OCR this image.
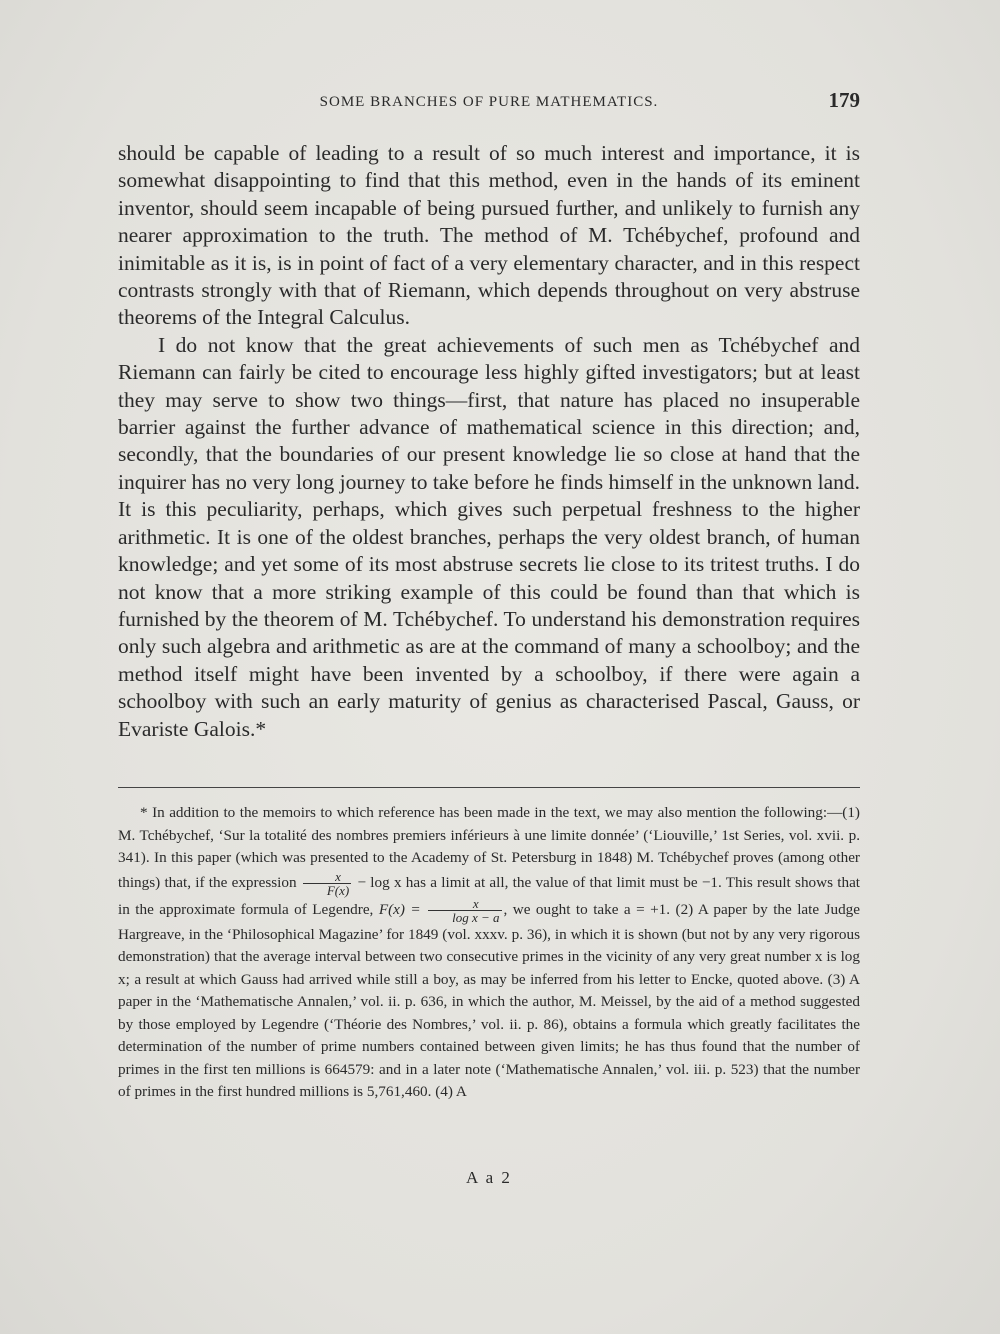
SOME BRANCHES OF PURE MATHEMATICS.	179

should be capable of leading to a result of so much interest and importance, it is somewhat disappointing to find that this method, even in the hands of its eminent inventor, should seem incapable of being pursued further, and unlikely to furnish any nearer approximation to the truth. The method of M. Tchébychef, profound and inimitable as it is, is in point of fact of a very elementary character, and in this respect contrasts strongly with that of Riemann, which depends throughout on very abstruse theorems of the Integral Calculus.

I do not know that the great achievements of such men as Tchébychef and Riemann can fairly be cited to encourage less highly gifted investigators; but at least they may serve to show two things—first, that nature has placed no insuperable barrier against the further advance of mathematical science in this direction; and, secondly, that the boundaries of our present knowledge lie so close at hand that the inquirer has no very long journey to take before he finds himself in the unknown land. It is this peculiarity, perhaps, which gives such perpetual freshness to the higher arithmetic. It is one of the oldest branches, perhaps the very oldest branch, of human knowledge; and yet some of its most abstruse secrets lie close to its tritest truths. I do not know that a more striking example of this could be found than that which is furnished by the theorem of M. Tchébychef. To understand his demonstration requires only such algebra and arithmetic as are at the command of many a schoolboy; and the method itself might have been invented by a schoolboy, if there were again a schoolboy with such an early maturity of genius as characterised Pascal, Gauss, or Evariste Galois.*

* In addition to the memoirs to which reference has been made in the text, we may also mention the following:—(1) M. Tchébychef, ‘Sur la totalité des nombres premiers inférieurs à une limite donnée’ (‘Liouville,’ 1st Series, vol. xvii. p. 341). In this paper (which was presented to the Academy of St. Petersburg in 1848) M. Tchébychef proves (among other things) that, if the expression $\frac{x}{F(x)} - \log x$ has a limit at all, the value of that limit must be −1. This result shows that in the approximate formula of Legendre, $F(x) = \frac{x}{\text{log x − a}}$ , we ought to take a = +1. (2) A paper by the late Judge Hargreave, in the ‘Philosophical Magazine’ for 1849 (vol. xxxv. p. 36), in which it is shown (but not by any very rigorous demonstration) that the average interval between two consecutive primes in the vicinity of any very great number x is log x; a result at which Gauss had arrived while still a boy, as may be inferred from his letter to Encke, quoted above. (3) A paper in the ‘Mathematische Annalen,’ vol. ii. p. 636, in which the author, M. Meissel, by the aid of a method suggested by those employed by Legendre (‘Théorie des Nombres,’ vol. ii. p. 86), obtains a formula which greatly facilitates the determination of the number of prime numbers contained between given limits; he has thus found that the number of primes in the first ten millions is 664579: and in a later note (‘Mathematische Annalen,’ vol. iii. p. 523) that the number of primes in the first hundred millions is 5,761,460. (4) A

A a 2
